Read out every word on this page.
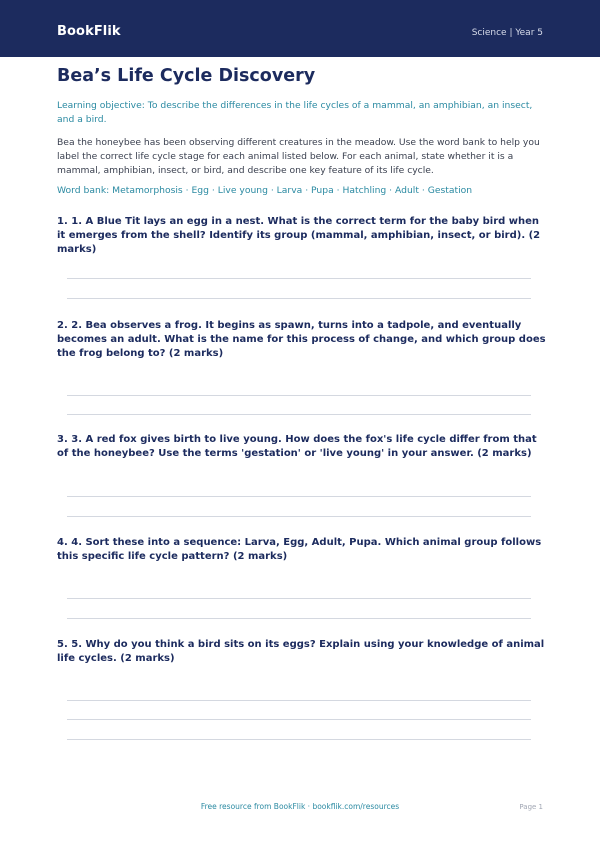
BookFlik	Science | Year 5
Bea’s Life Cycle Discovery
Learning objective: To describe the differences in the life cycles of a mammal, an amphibian, an insect, and a bird.
Bea the honeybee has been observing different creatures in the meadow. Use the word bank to help you label the correct life cycle stage for each animal listed below. For each animal, state whether it is a mammal, amphibian, insect, or bird, and describe one key feature of its life cycle.
Word bank: Metamorphosis · Egg · Live young · Larva · Pupa · Hatchling · Adult · Gestation
1. 1. A Blue Tit lays an egg in a nest. What is the correct term for the baby bird when it emerges from the shell? Identify its group (mammal, amphibian, insect, or bird). (2 marks)
2. 2. Bea observes a frog. It begins as spawn, turns into a tadpole, and eventually becomes an adult. What is the name for this process of change, and which group does the frog belong to? (2 marks)
3. 3. A red fox gives birth to live young. How does the fox's life cycle differ from that of the honeybee? Use the terms 'gestation' or 'live young' in your answer. (2 marks)
4. 4. Sort these into a sequence: Larva, Egg, Adult, Pupa. Which animal group follows this specific life cycle pattern? (2 marks)
5. 5. Why do you think a bird sits on its eggs? Explain using your knowledge of animal life cycles. (2 marks)
Free resource from BookFlik · bookflik.com/resources	Page 1
